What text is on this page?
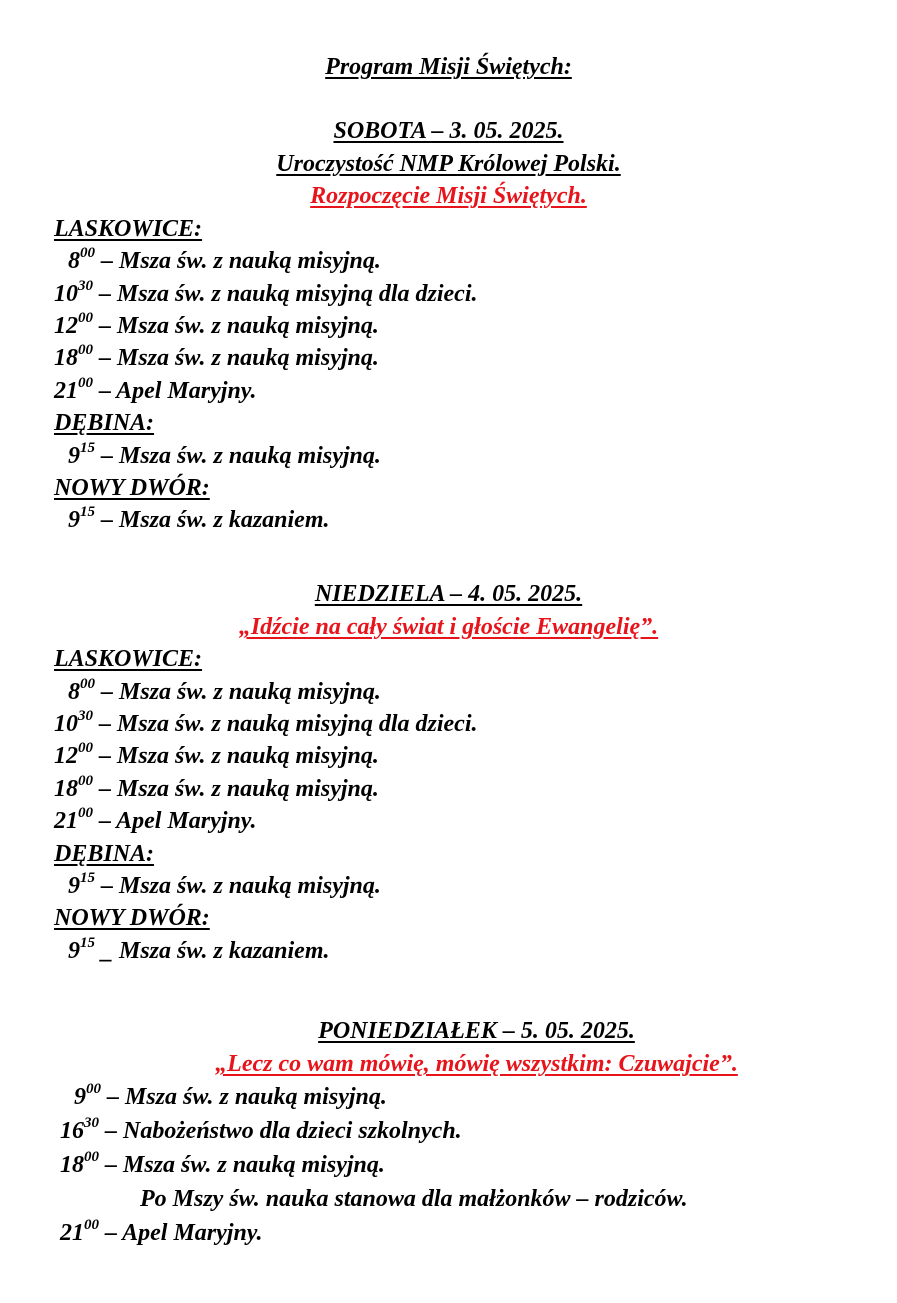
Program Misji Świętych:
SOBOTA – 3. 05. 2025.
Uroczystość NMP Królowej Polski.
Rozpoczęcie Misji Świętych.
LASKOWICE:
$8^{00}$ – Msza św. z nauką misyjną.
$10^{30}$ – Msza św. z nauką misyjną dla dzieci.
$12^{00}$ – Msza św. z nauką misyjną.
$18^{00}$ – Msza św. z nauką misyjną.
$21^{00}$ – Apel Maryjny.
DĘBINA:
$9^{15}$ – Msza św. z nauką misyjną.
NOWY DWÓR:
$9^{15}$ – Msza św. z kazaniem.
NIEDZIELA – 4. 05. 2025.
„Idźcie na cały świat i głoście Ewangelię”.
LASKOWICE:
$8^{00}$ – Msza św. z nauką misyjną.
$10^{30}$ – Msza św. z nauką misyjną dla dzieci.
$12^{00}$ – Msza św. z nauką misyjną.
$18^{00}$ – Msza św. z nauką misyjną.
$21^{00}$ – Apel Maryjny.
DĘBINA:
$9^{15}$ – Msza św. z nauką misyjną.
NOWY DWÓR:
$9^{15}$ _ Msza św. z kazaniem.
PONIEDZIAŁEK – 5. 05. 2025.
„Lecz co wam mówię, mówię wszystkim: Czuwajcie”.
$9^{00}$ – Msza św. z nauką misyjną.
$16^{30}$ – Nabożeństwo dla dzieci szkolnych.
$18^{00}$ – Msza św. z nauką misyjną.
Po Mszy św. nauka stanowa dla małżonków – rodziców.
$21^{00}$ – Apel Maryjny.
